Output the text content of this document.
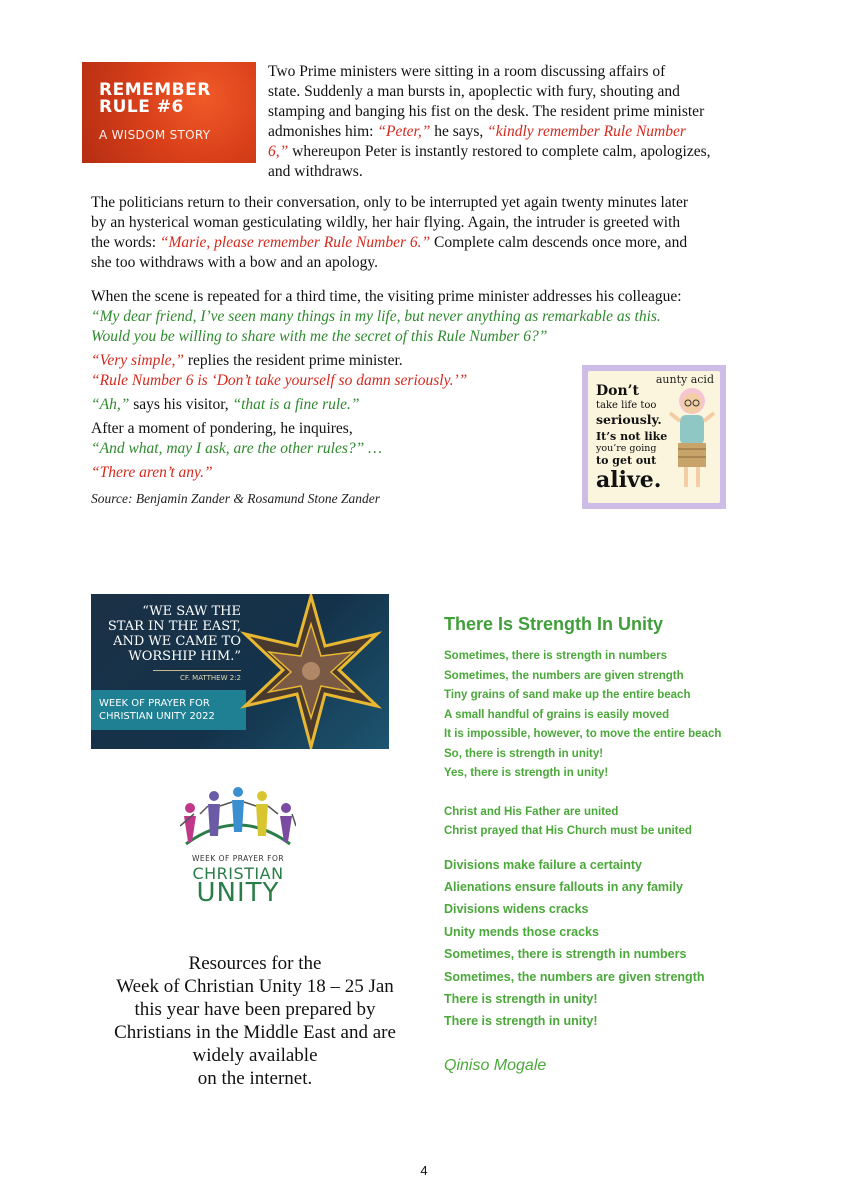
REMEMBER
RULE #6
A WISDOM STORY

Two Prime ministers were sitting in a room discussing affairs of

state. Suddenly a man bursts in, apoplectic with fury, shouting and

stamping and banging his fist on the desk. The resident prime minister

admonishes him: “Peter,” he says, “kindly remember Rule Number

6,” whereupon Peter is instantly restored to complete calm, apologizes,

and withdraws.

The politicians return to their conversation, only to be interrupted yet again twenty minutes later

by an hysterical woman gesticulating wildly, her hair flying. Again, the intruder is greeted with

the words: “Marie, please remember Rule Number 6.” Complete calm descends once more, and

she too withdraws with a bow and an apology.

When the scene is repeated for a third time, the visiting prime minister addresses his colleague:

“My dear friend, I’ve seen many things in my life, but never anything as remarkable as this.

Would you be willing to share with me the secret of this Rule Number 6?”

“Very simple,” replies the resident prime minister.

“Rule Number 6 is ‘Don’t take yourself so damn seriously.’”

“Ah,” says his visitor, “that is a fine rule.”

After a moment of pondering, he inquires,

“And what, may I ask, are the other rules?” …

“There aren’t any.”

Source: Benjamin Zander & Rosamund Stone Zander

aunty acid
Don’t
take life too
seriously.
It’s not like
you’re going
to get out
alive.
“WE SAW THE
STAR IN THE EAST,
AND WE CAME TO
WORSHIP HIM.”
CF. MATTHEW 2:2
WEEK OF PRAYER FOR
CHRISTIAN UNITY 2022
WEEK OF PRAYER FOR
CHRISTIAN
UNITY
Resources for the
Week of Christian Unity 18 – 25 Jan
this year have been prepared by
Christians in the Middle East and are
widely available
on the internet.
There Is Strength In Unity
Sometimes, there is strength in numbers
Sometimes, the numbers are given strength
Tiny grains of sand make up the entire beach
A small handful of grains is easily moved
It is impossible, however, to move the entire beach
So, there is strength in unity!
Yes, there is strength in unity!
Christ and His Father are united
Christ prayed that His Church must be united
Divisions make failure a certainty
Alienations ensure fallouts in any family
Divisions widens cracks
Unity mends those cracks
Sometimes, there is strength in numbers
Sometimes, the numbers are given strength
There is strength in unity!
There is strength in unity!
Qiniso Mogale
4
